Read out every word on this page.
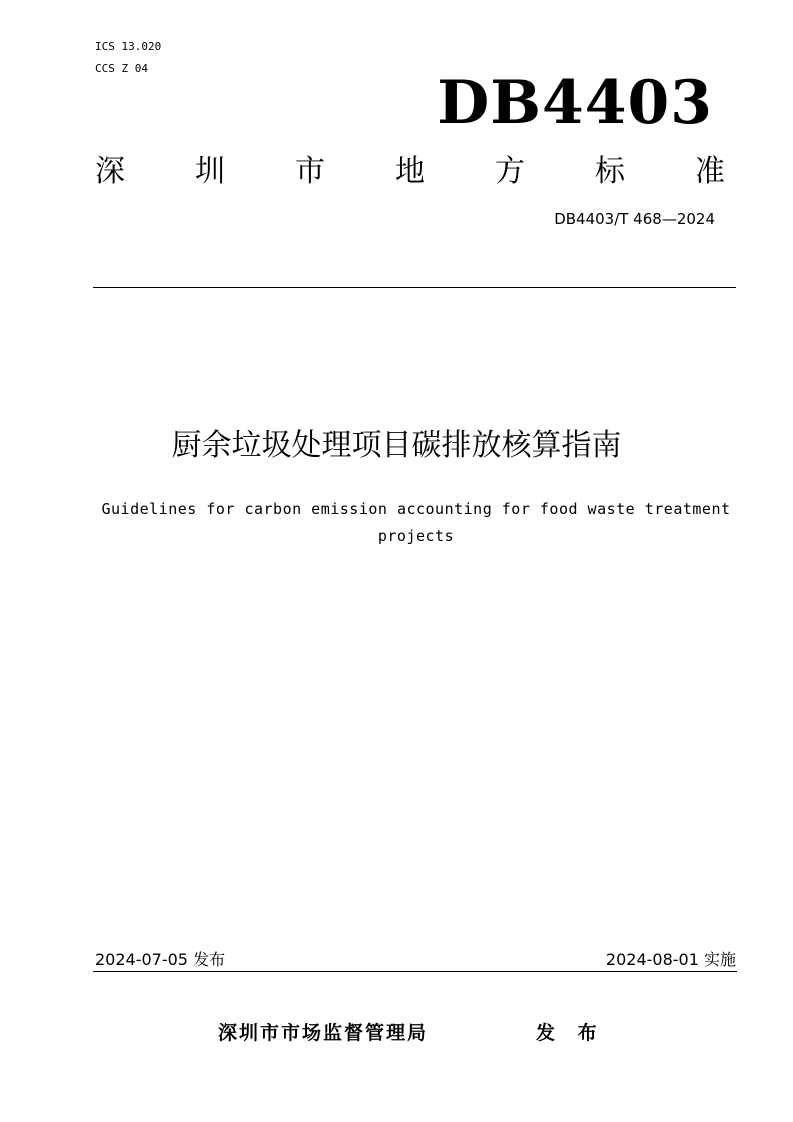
ICS 13.020
CCS Z 04	DB4403
深 圳 市 地 方 标 准
DB4403/T 468—2024
厨余垃圾处理项目碳排放核算指南
Guidelines for carbon emission accounting for food waste treatment projects
2024-07-05 发布	2024-08-01 实施
深圳市市场监督管理局	发 布
